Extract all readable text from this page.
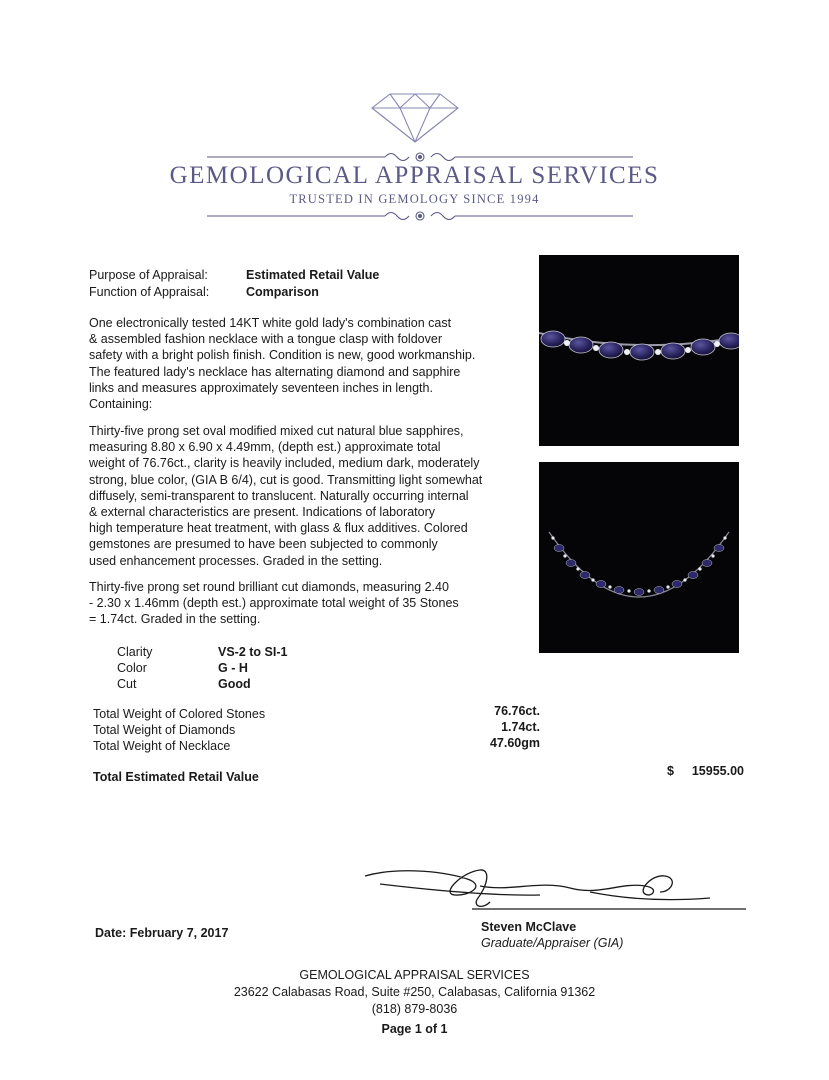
GEMOLOGICAL APPRAISAL SERVICES
TRUSTED IN GEMOLOGY SINCE 1994
Purpose of Appraisal:	Estimated Retail Value
Function of Appraisal:	Comparison
One electronically tested 14KT white gold lady's combination cast
& assembled fashion necklace with a tongue clasp with foldover
safety with a bright polish finish. Condition is new, good workmanship.
The featured lady's necklace has alternating diamond and sapphire
links and measures approximately seventeen inches in length.
Containing:
Thirty-five prong set oval modified mixed cut natural blue sapphires,
measuring 8.80 x 6.90 x 4.49mm, (depth est.) approximate total
weight of 76.76ct., clarity is heavily included, medium dark, moderately
strong, blue color, (GIA B 6/4), cut is good. Transmitting light somewhat
diffusely, semi-transparent to translucent. Naturally occurring internal
& external characteristics are present. Indications of laboratory
high temperature heat treatment, with glass & flux additives. Colored
gemstones are presumed to have been subjected to commonly
used enhancement processes. Graded in the setting.
Thirty-five prong set round brilliant cut diamonds, measuring 2.40
- 2.30 x 1.46mm (depth est.) approximate total weight of 35 Stones
= 1.74ct. Graded in the setting.
Clarity	VS-2 to SI-1
Color	G - H
Cut	Good
Total Weight of Colored Stones	76.76ct.
Total Weight of Diamonds	1.74ct.
Total Weight of Necklace	47.60gm
Total Estimated Retail Value	$	15955.00
Date: February 7, 2017	Steven McClave
Graduate/Appraiser (GIA)
GEMOLOGICAL APPRAISAL SERVICES
23622 Calabasas Road, Suite #250, Calabasas, California 91362
(818) 879-8036
Page 1 of 1
